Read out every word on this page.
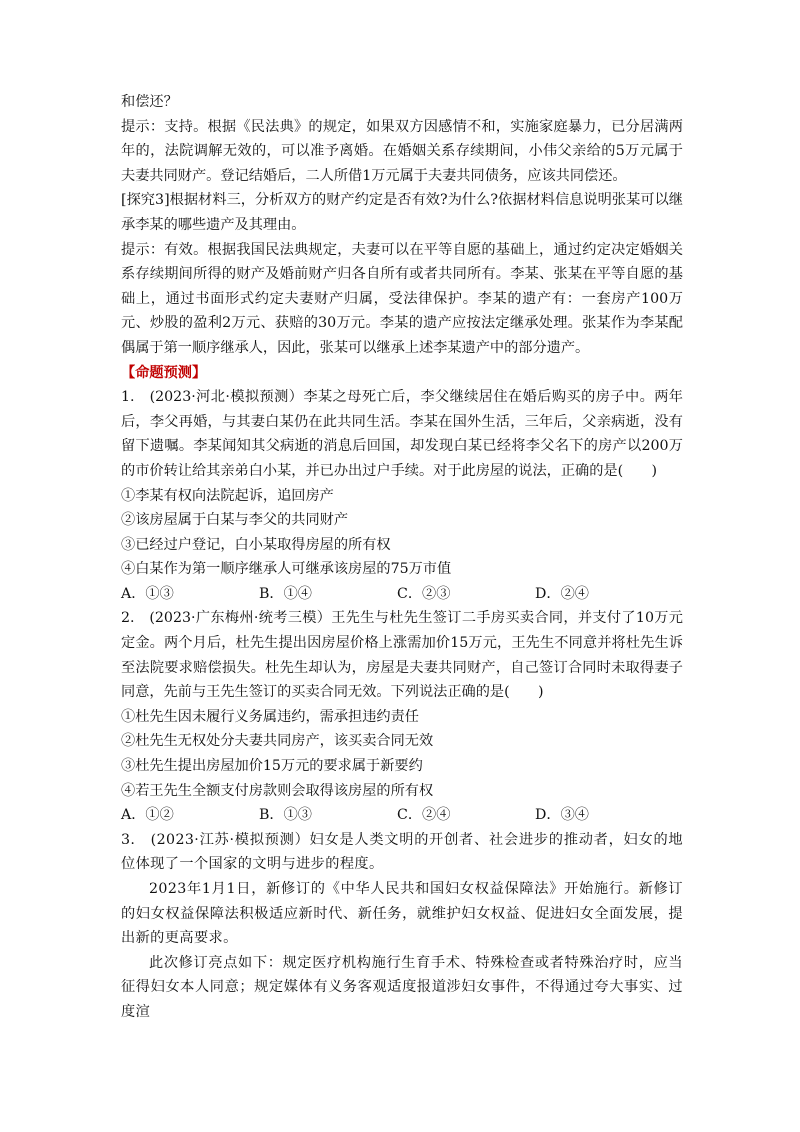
和偿还？

提示：支持。根据《民法典》的规定，如果双方因感情不和，实施家庭暴力，已分居满两年的，法院调解无效的，可以准予离婚。在婚姻关系存续期间，小伟父亲给的5万元属于夫妻共同财产。登记结婚后，二人所借1万元属于夫妻共同债务，应该共同偿还。

[探究3]根据材料三，分析双方的财产约定是否有效?为什么?依据材料信息说明张某可以继承李某的哪些遗产及其理由。

提示：有效。根据我国民法典规定，夫妻可以在平等自愿的基础上，通过约定决定婚姻关系存续期间所得的财产及婚前财产归各自所有或者共同所有。李某、张某在平等自愿的基础上，通过书面形式约定夫妻财产归属，受法律保护。李某的遗产有：一套房产100万元、炒股的盈利2万元、获赔的30万元。李某的遗产应按法定继承处理。张某作为李某配偶属于第一顺序继承人，因此，张某可以继承上述李某遗产中的部分遗产。

【命题预测】

1.　(2023·河北·模拟预测）李某之母死亡后，李父继续居住在婚后购买的房子中。两年后，李父再婚，与其妻白某仍在此共同生活。李某在国外生活，三年后，父亲病逝，没有留下遗嘱。李某闻知其父病逝的消息后回国，却发现白某已经将李父名下的房产以200万的市价转让给其亲弟白小某，并已办出过户手续。对于此房屋的说法，正确的是(　　)

①李某有权向法院起诉，追回房产

②该房屋属于白某与李父的共同财产

③已经过户登记，白小某取得房屋的所有权

④白某作为第一顺序继承人可继承该房屋的75万市值

A．①③	B．①④	C．②③	D．②④

2.　(2023·广东梅州·统考三模）王先生与杜先生签订二手房买卖合同，并支付了10万元定金。两个月后，杜先生提出因房屋价格上涨需加价15万元，王先生不同意并将杜先生诉至法院要求赔偿损失。杜先生却认为，房屋是夫妻共同财产，自己签订合同时未取得妻子同意，先前与王先生签订的买卖合同无效。下列说法正确的是(　　)

①杜先生因未履行义务属违约，需承担违约责任

②杜先生无权处分夫妻共同房产，该买卖合同无效

③杜先生提出房屋加价15万元的要求属于新要约

④若王先生全额支付房款则会取得该房屋的所有权

A．①②	B．①③	C．②④	D．③④

3.　(2023·江苏·模拟预测）妇女是人类文明的开创者、社会进步的推动者，妇女的地位体现了一个国家的文明与进步的程度。

2023年1月1日，新修订的《中华人民共和国妇女权益保障法》开始施行。新修订的妇女权益保障法积极适应新时代、新任务，就维护妇女权益、促进妇女全面发展，提出新的更高要求。

此次修订亮点如下：规定医疗机构施行生育手术、特殊检查或者特殊治疗时，应当征得妇女本人同意；规定媒体有义务客观适度报道涉妇女事件，不得通过夸大事实、过度渲
